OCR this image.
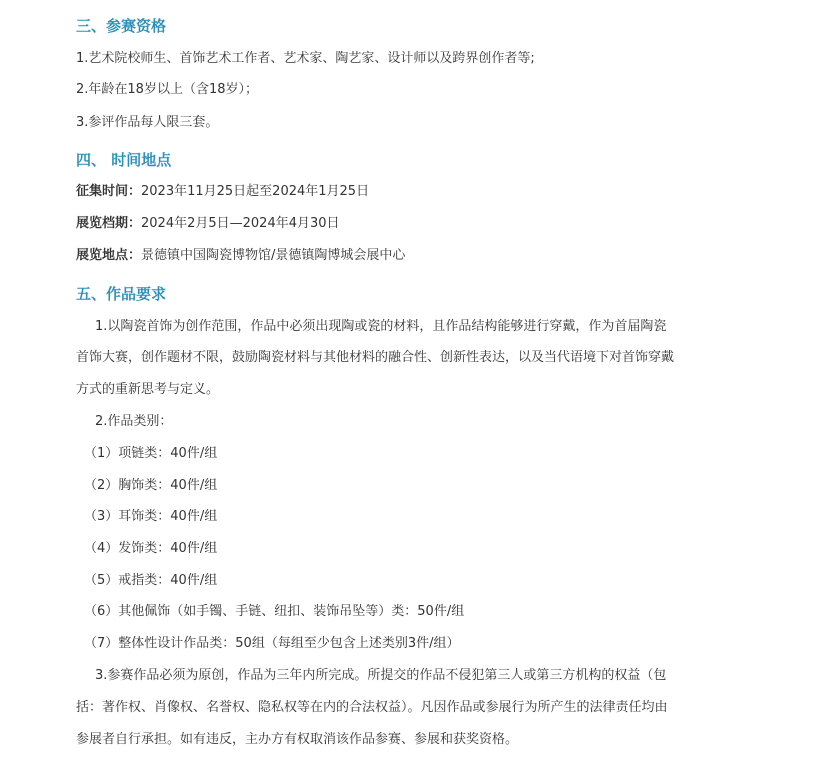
三、参赛资格
1.艺术院校师生、首饰艺术工作者、艺术家、陶艺家、设计师以及跨界创作者等;
2.年龄在18岁以上（含18岁）；
3.参评作品每人限三套。
四、 时间地点
征集时间：2023年11月25日起至2024年1月25日
展览档期：2024年2月5日—2024年4月30日
展览地点：景德镇中国陶瓷博物馆/景德镇陶博城会展中心
五、作品要求
1.以陶瓷首饰为创作范围，作品中必须出现陶或瓷的材料，且作品结构能够进行穿戴，作为首届陶瓷
首饰大赛，创作题材不限，鼓励陶瓷材料与其他材料的融合性、创新性表达，以及当代语境下对首饰穿戴
方式的重新思考与定义。
2.作品类别：
（1）项链类：40件/组
（2）胸饰类：40件/组
（3）耳饰类：40件/组
（4）发饰类：40件/组
（5）戒指类：40件/组
（6）其他佩饰（如手镯、手链、纽扣、装饰吊坠等）类：50件/组
（7）整体性设计作品类：50组（每组至少包含上述类别3件/组）
3.参赛作品必须为原创，作品为三年内所完成。所提交的作品不侵犯第三人或第三方机构的权益（包
括：著作权、肖像权、名誉权、隐私权等在内的合法权益）。凡因作品或参展行为所产生的法律责任均由
参展者自行承担。如有违反，主办方有权取消该作品参赛、参展和获奖资格。
